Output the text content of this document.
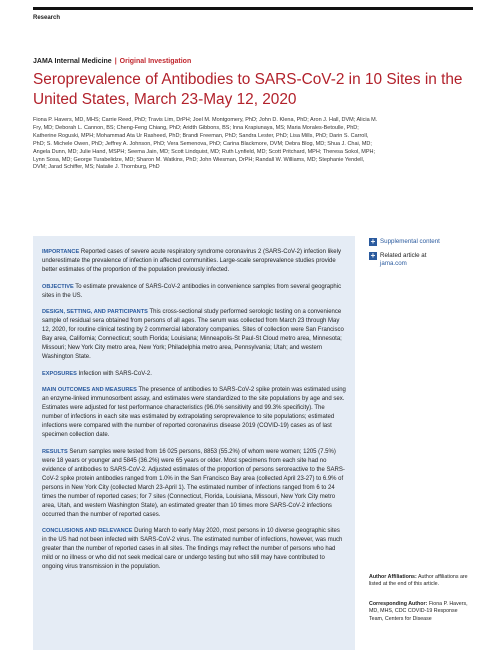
Research
JAMA Internal Medicine | Original Investigation
Seroprevalence of Antibodies to SARS-CoV-2 in 10 Sites in the United States, March 23-May 12, 2020

Fiona P. Havers, MD, MHS; Carrie Reed, PhD; Travis Lim, DrPH; Joel M. Montgomery, PhD; John D. Klena, PhD; Aron J. Hall, DVM; Alicia M. Fry, MD; Deborah L. Cannon, BS; Cheng-Feng Chiang, PhD; Aridth Gibbons, BS; Inna Krapiunaya, MS; Maria Morales-Betoulle, PhD; Katherine Roguski, MPH; Mohammad Ata Ur Rasheed, PhD; Brandi Freeman, PhD; Sandra Lester, PhD; Lisa Mills, PhD; Darin S. Carroll, PhD; S. Michele Owen, PhD; Jeffrey A. Johnson, PhD; Vera Semenova, PhD; Carina Blackmore, DVM; Debra Blog, MD; Shua J. Chai, MD; Angela Dunn, MD; Julie Hand, MSPH; Seema Jain, MD; Scott Lindquist, MD; Ruth Lynfield, MD; Scott Pritchard, MPH; Theresa Sokol, MPH; Lynn Sosa, MD; George Turabelidze, MD; Sharon M. Watkins, PhD; John Wiesman, DrPH; Randall W. Williams, MD; Stephanie Yendell, DVM; Jarad Schiffer, MS; Natalie J. Thornburg, PhD

IMPORTANCE Reported cases of severe acute respiratory syndrome coronavirus 2 (SARS-CoV-2) infection likely underestimate the prevalence of infection in affected communities. Large-scale seroprevalence studies provide better estimates of the proportion of the population previously infected.

OBJECTIVE To estimate prevalence of SARS-CoV-2 antibodies in convenience samples from several geographic sites in the US.

DESIGN, SETTING, AND PARTICIPANTS This cross-sectional study performed serologic testing on a convenience sample of residual sera obtained from persons of all ages. The serum was collected from March 23 through May 12, 2020, for routine clinical testing by 2 commercial laboratory companies. Sites of collection were San Francisco Bay area, California; Connecticut; south Florida; Louisiana; Minneapolis-St Paul-St Cloud metro area, Minnesota; Missouri; New York City metro area, New York; Philadelphia metro area, Pennsylvania; Utah; and western Washington State.

EXPOSURES Infection with SARS-CoV-2.

MAIN OUTCOMES AND MEASURES The presence of antibodies to SARS-CoV-2 spike protein was estimated using an enzyme-linked immunosorbent assay, and estimates were standardized to the site populations by age and sex. Estimates were adjusted for test performance characteristics (96.0% sensitivity and 99.3% specificity). The number of infections in each site was estimated by extrapolating seroprevalence to site populations; estimated infections were compared with the number of reported coronavirus disease 2019 (COVID-19) cases as of last specimen collection date.

RESULTS Serum samples were tested from 16 025 persons, 8853 (55.2%) of whom were women; 1205 (7.5%) were 18 years or younger and 5845 (36.2%) were 65 years or older. Most specimens from each site had no evidence of antibodies to SARS-CoV-2. Adjusted estimates of the proportion of persons seroreactive to the SARS-CoV-2 spike protein antibodies ranged from 1.0% in the San Francisco Bay area (collected April 23-27) to 6.9% of persons in New York City (collected March 23-April 1). The estimated number of infections ranged from 6 to 24 times the number of reported cases; for 7 sites (Connecticut, Florida, Louisiana, Missouri, New York City metro area, Utah, and western Washington State), an estimated greater than 10 times more SARS-CoV-2 infections occurred than the number of reported cases.

CONCLUSIONS AND RELEVANCE During March to early May 2020, most persons in 10 diverse geographic sites in the US had not been infected with SARS-CoV-2 virus. The estimated number of infections, however, was much greater than the number of reported cases in all sites. The findings may reflect the number of persons who had mild or no illness or who did not seek medical care or undergo testing but who still may have contributed to ongoing virus transmission in the population.

+ Supplemental content
+ Related article at
jama.com

Author Affiliations: Author affiliations are listed at the end of this article.

Corresponding Author: Fiona P. Havers, MD, MHS, CDC COVID-19 Response Team, Centers for Disease
